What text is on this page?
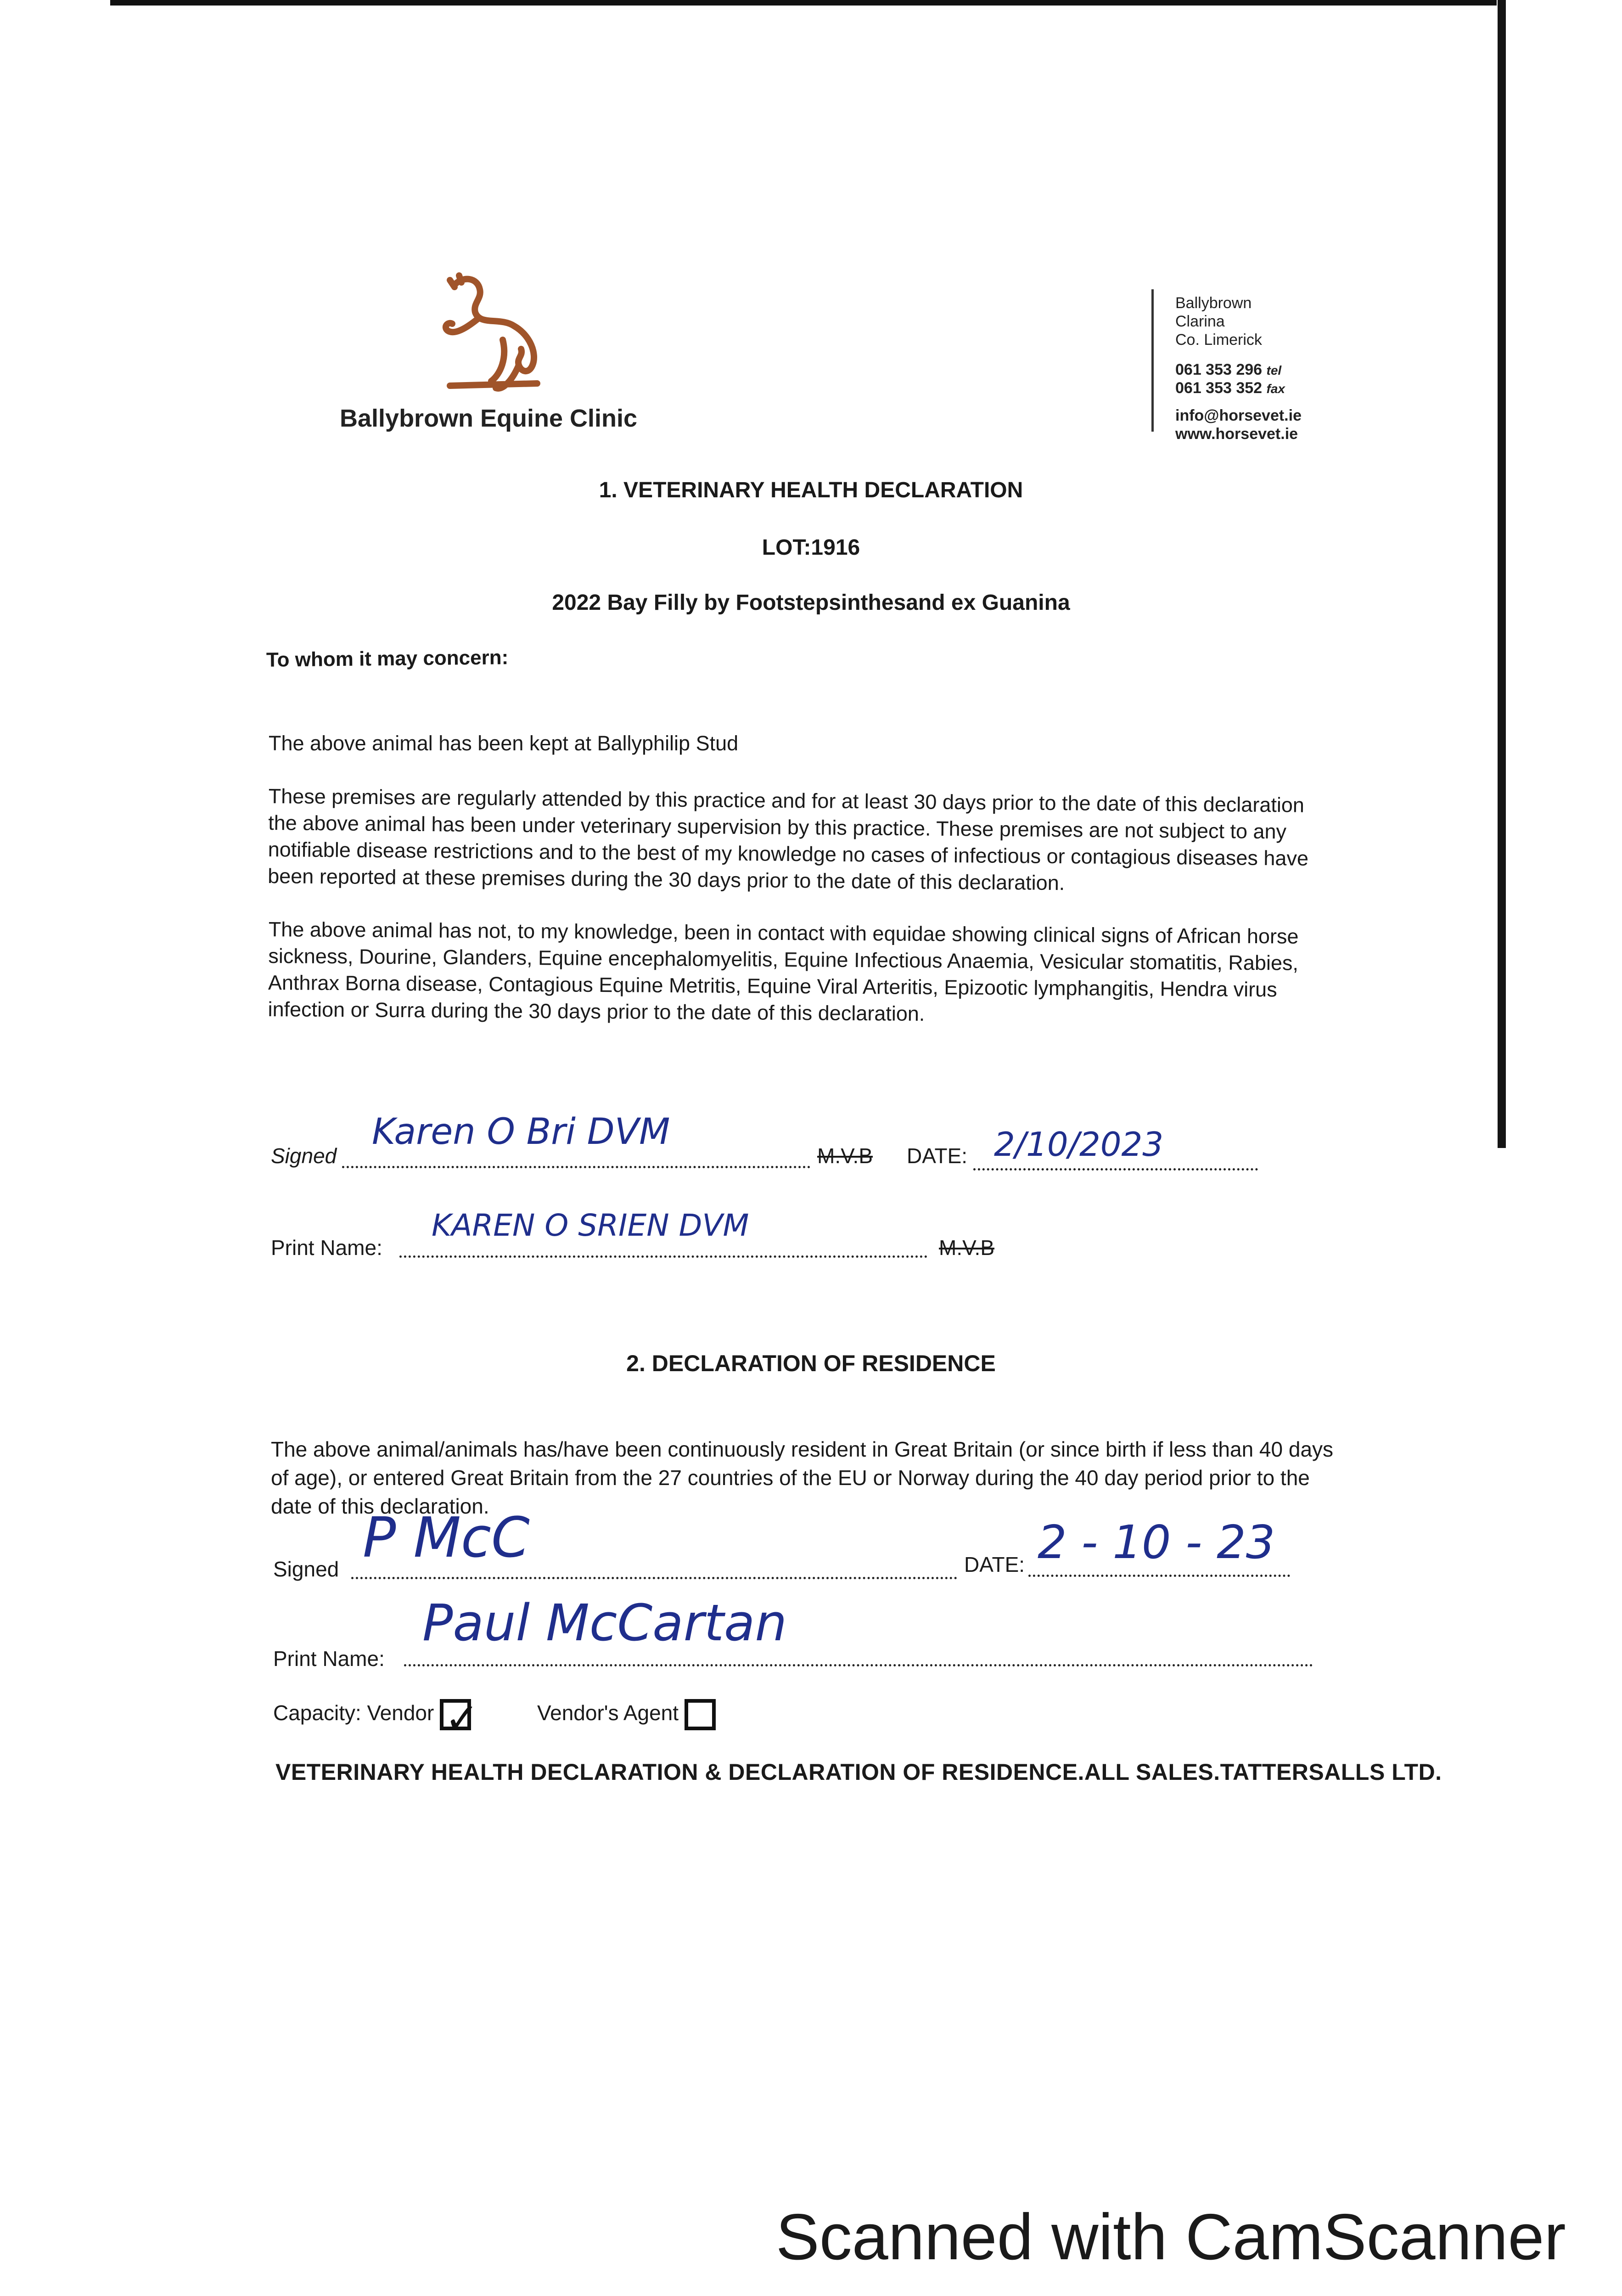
Ballybrown Equine Clinic
Ballybrown
Clarina
Co. Limerick
061 353 296 tel
061 353 352 fax
info@horsevet.ie
www.horsevet.ie
1. VETERINARY HEALTH DECLARATION
LOT:1916
2022 Bay Filly by Footstepsinthesand ex Guanina
To whom it may concern:
The above animal has been kept at Ballyphilip Stud
These premises are regularly attended by this practice and for at least 30 days prior to the date of this declaration the above animal has been under veterinary supervision by this practice. These premises are not subject to any notifiable disease restrictions and to the best of my knowledge no cases of infectious or contagious diseases have been reported at these premises during the 30 days prior to the date of this declaration.
The above animal has not, to my knowledge, been in contact with equidae showing clinical signs of African horse sickness, Dourine, Glanders, Equine encephalomyelitis, Equine Infectious Anaemia, Vesicular stomatitis, Rabies, Anthrax Borna disease, Contagious Equine Metritis, Equine Viral Arteritis, Epizootic lymphangitis, Hendra virus infection or Surra during the 30 days prior to the date of this declaration.
Signed
Karen O Bri DVM
M.V.B DATE: 2/10/2023
Print Name:
KAREN O SRIEN DVM
M.V.B
2. DECLARATION OF RESIDENCE
The above animal/animals has/have been continuously resident in Great Britain (or since birth if less than 40 days of age), or entered Great Britain from the 27 countries of the EU or Norway during the 40 day period prior to the date of this declaration.
Signed P McC	DATE: 2 - 10 - 23
Print Name:
Paul McCartan
Capacity: Vendor ✓	Vendor's Agent
VETERINARY HEALTH DECLARATION & DECLARATION OF RESIDENCE.ALL SALES.TATTERSALLS LTD.
Scanned with CamScanner
